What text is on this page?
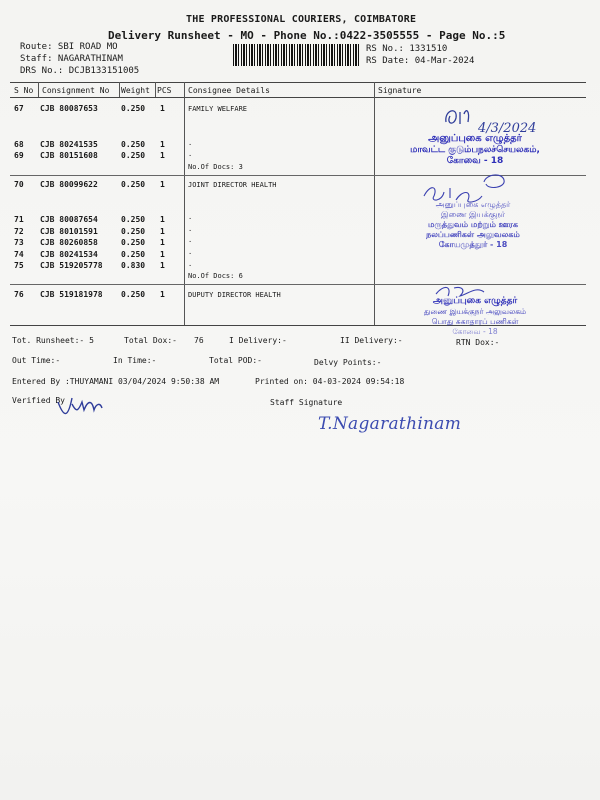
THE PROFESSIONAL COURIERS, COIMBATORE
Delivery Runsheet - MO - Phone No.:0422-3505555 - Page No.:5
Route: SBI ROAD MO
Staff: NAGARATHINAM
DRS No.: DCJB133151005
RS No.: 1331510
RS Date: 04-Mar-2024
S No Consignment No Weight PCS Consignee Details	Signature
67 CJB 80087653	0.250 1	FAMILY WELFARE
68 CJB 80241535	0.250 1	.
69 CJB 80151608	0.250 1	.
No.Of Docs: 3
70 CJB 80099622	0.250 1	JOINT DIRECTOR HEALTH
71 CJB 80087654	0.250 1	.
72 CJB 80101591	0.250 1	.
73 CJB 80260858	0.250 1	.
74 CJB 80241534	0.250 1	.
75 CJB 519205778 0.830 1	.
No.Of Docs: 6
76 CJB 519181978 0.250 1	DUPUTY DIRECTOR HEALTH
Tot. Runsheet:- 5	Total Dox:- 76	I Delivery:-	II Delivery:-	RTN Dox:-
Out Time:-	In Time:-	Total POD:-	Delvy Points:-
Entered By :THUYAMANI 03/04/2024 9:50:38 AM	Printed on: 04-03-2024 09:54:18
Verified By	Staff Signature
4/3/2024
T.Nagarathinam
அனுப்புகை எழுத்தர்
மாவட்ட குடும்பநலச்செயலகம்,
கோவை - 18
அனுப்புகை எழுத்தர்
இணை இயக்குநர்
மருத்துவம் மற்றும் ஊரக
நலப்பணிகள் அலுவலகம்
கோயமுத்தூர் - 18
அனுப்புகை எழுத்தர்
துணை இயக்குநர் அலுவலகம்
பொது சுகாதாரப் பணிகள்
கோவை - 18
